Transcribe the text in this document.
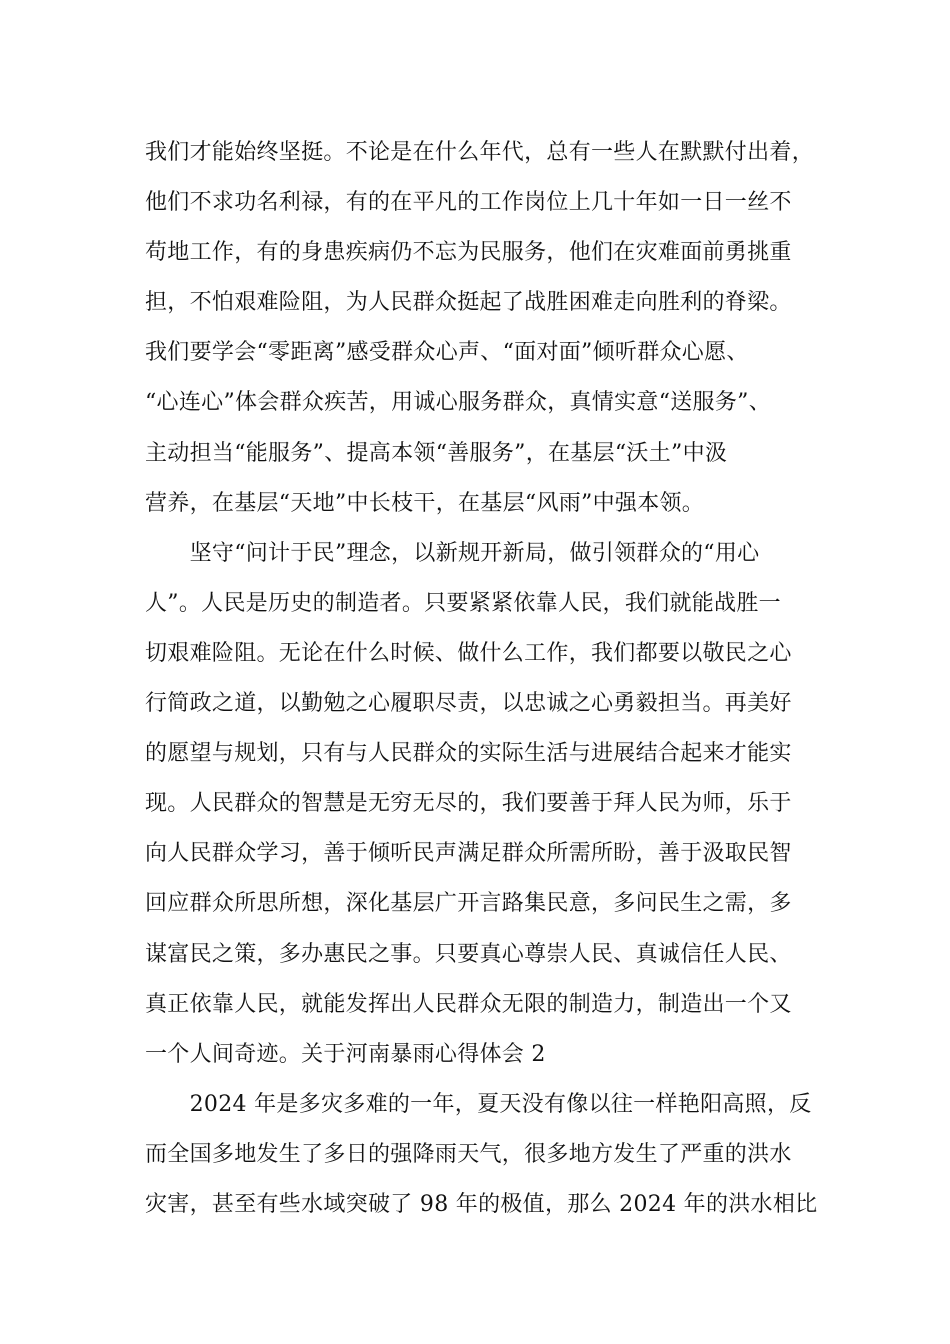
我们才能始终坚挺。不论是在什么年代，总有一些人在默默付出着，
他们不求功名利禄，有的在平凡的工作岗位上几十年如一日一丝不
苟地工作，有的身患疾病仍不忘为民服务，他们在灾难面前勇挑重
担，不怕艰难险阻，为人民群众挺起了战胜困难走向胜利的脊梁。
我们要学会“零距离”感受群众心声、“面对面”倾听群众心愿、
“心连心”体会群众疾苦，用诚心服务群众，真情实意“送服务”、
主动担当“能服务”、提高本领“善服务”，在基层“沃土”中汲
营养，在基层“天地”中长枝干，在基层“风雨”中强本领。
　　坚守“问计于民”理念，以新规开新局，做引领群众的“用心
人”。人民是历史的制造者。只要紧紧依靠人民，我们就能战胜一
切艰难险阻。无论在什么时候、做什么工作，我们都要以敬民之心
行简政之道，以勤勉之心履职尽责，以忠诚之心勇毅担当。再美好
的愿望与规划，只有与人民群众的实际生活与进展结合起来才能实
现。人民群众的智慧是无穷无尽的，我们要善于拜人民为师，乐于
向人民群众学习，善于倾听民声满足群众所需所盼，善于汲取民智
回应群众所思所想，深化基层广开言路集民意，多问民生之需，多
谋富民之策，多办惠民之事。只要真心尊崇人民、真诚信任人民、
真正依靠人民，就能发挥出人民群众无限的制造力，制造出一个又
一个人间奇迹。关于河南暴雨心得体会 2
　　2024 年是多灾多难的一年，夏天没有像以往一样艳阳高照，反
而全国多地发生了多日的强降雨天气，很多地方发生了严重的洪水
灾害，甚至有些水域突破了 98 年的极值，那么 2024 年的洪水相比
